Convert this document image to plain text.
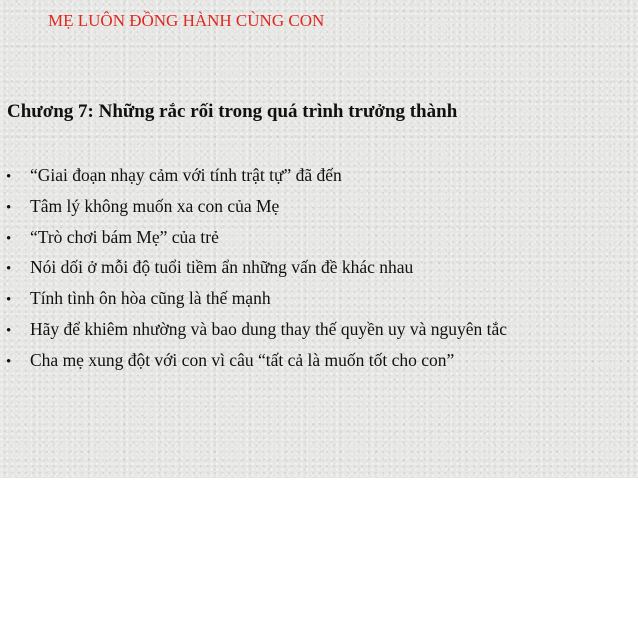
MẸ LUÔN ĐỒNG HÀNH CÙNG CON
Chương 7: Những rắc rối trong quá trình trưởng thành
•	“Giai đoạn nhạy cảm với tính trật tự” đã đến
•	Tâm lý không muốn xa con của Mẹ
•	“Trò chơi bám Mẹ” của trẻ
•	Nói dối ở mỗi độ tuổi tiềm ẩn những vấn đề khác nhau
•	Tính tình ôn hòa cũng là thế mạnh
•	Hãy để khiêm nhường và bao dung thay thế quyền uy và nguyên tắc
•	Cha mẹ xung đột với con vì câu “tất cả là muốn tốt cho con”
